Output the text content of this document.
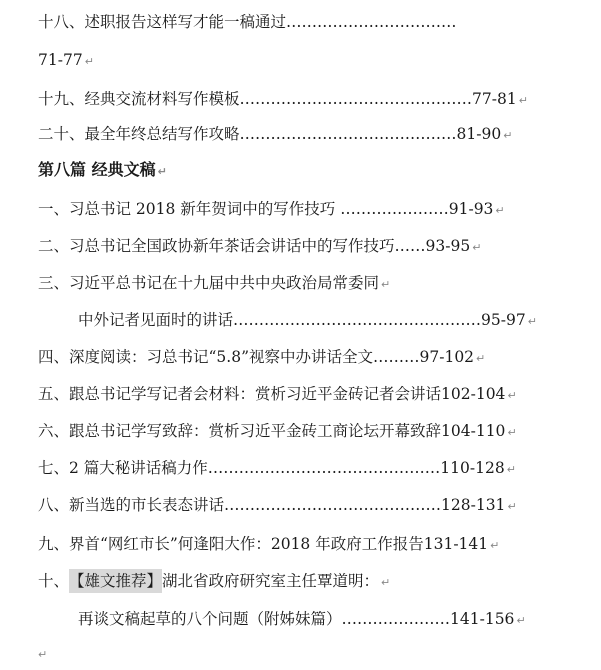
十八、述职报告这样写才能一稿通过……………………………
71-77 ↵
十九、经典交流材料写作模板……………………………………… 77-81 ↵
二十、最全年终总结写作攻略…………………………………… 81-90 ↵
第八篇 经典文稿 ↵
一、习总书记 2018 新年贺词中的写作技巧 ………………… 91-93 ↵
二、习总书记全国政协新年茶话会讲话中的写作技巧…… 93-95 ↵
三、习近平总书记在十九届中共中央政治局常委同 ↵
中外记者见面时的讲话………………………………………… 95-97 ↵
四、深度阅读：习总书记“5.8”视察中办讲话全文……… 97-102 ↵
五、跟总书记学写记者会材料：赏析习近平金砖记者会讲话 102-104 ↵
六、跟总书记学写致辞：赏析习近平金砖工商论坛开幕致辞 104-110 ↵
七、2 篇大秘讲话稿力作……………………………………… 110-128 ↵
八、新当选的市长表态讲话…………………………………… 128-131 ↵
九、界首“网红市长”何逢阳大作：2018 年政府工作报告 131-141 ↵
十、 【雄文推荐】 湖北省政府研究室主任覃道明： ↵
再谈文稿起草的八个问题（附姊妹篇）………………… 141-156 ↵
↵
